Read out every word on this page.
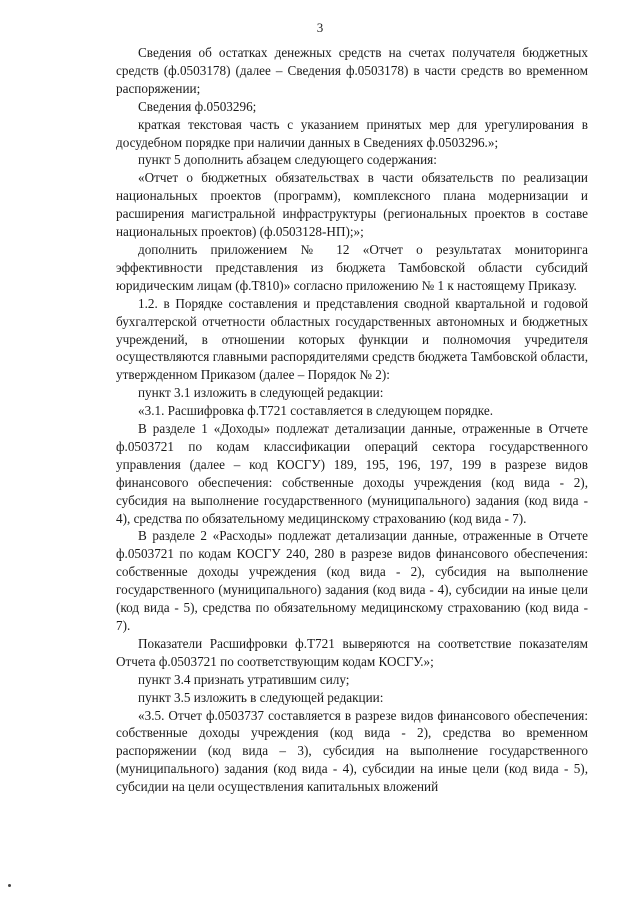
3

Сведения об остатках денежных средств на счетах получателя бюджетных средств (ф.0503178) (далее – Сведения ф.0503178) в части средств во временном распоряжении;

Сведения ф.0503296;

краткая текстовая часть с указанием принятых мер для урегулирования в досудебном порядке при наличии данных в Сведениях ф.0503296.»;

пункт 5 дополнить абзацем следующего содержания:

«Отчет о бюджетных обязательствах в части обязательств по реализации национальных проектов (программ), комплексного плана модернизации и расширения магистральной инфраструктуры (региональных проектов в составе национальных проектов) (ф.0503128-НП);»;

дополнить приложением № 12 «Отчет о результатах мониторинга эффективности представления из бюджета Тамбовской области субсидий юридическим лицам (ф.Т810)» согласно приложению № 1 к настоящему Приказу.

1.2. в Порядке составления и представления сводной квартальной и годовой бухгалтерской отчетности областных государственных автономных и бюджетных учреждений, в отношении которых функции и полномочия учредителя осуществляются главными распорядителями средств бюджета Тамбовской области, утвержденном Приказом (далее – Порядок № 2):

пункт 3.1 изложить в следующей редакции:

«3.1. Расшифровка ф.Т721 составляется в следующем порядке.

В разделе 1 «Доходы» подлежат детализации данные, отраженные в Отчете ф.0503721 по кодам классификации операций сектора государственного управления (далее – код КОСГУ) 189, 195, 196, 197, 199 в разрезе видов финансового обеспечения: собственные доходы учреждения (код вида - 2), субсидия на выполнение государственного (муниципального) задания (код вида - 4), средства по обязательному медицинскому страхованию (код вида - 7).

В разделе 2 «Расходы» подлежат детализации данные, отраженные в Отчете ф.0503721 по кодам КОСГУ 240, 280 в разрезе видов финансового обеспечения: собственные доходы учреждения (код вида - 2), субсидия на выполнение государственного (муниципального) задания (код вида - 4), субсидии на иные цели (код вида - 5), средства по обязательному медицинскому страхованию (код вида - 7).

Показатели Расшифровки ф.Т721 выверяются на соответствие показателям Отчета ф.0503721 по соответствующим кодам КОСГУ.»;

пункт 3.4 признать утратившим силу;

пункт 3.5 изложить в следующей редакции:

«3.5. Отчет ф.0503737 составляется в разрезе видов финансового обеспечения: собственные доходы учреждения (код вида - 2), средства во временном распоряжении (код вида – 3), субсидия на выполнение государственного (муниципального) задания (код вида - 4), субсидии на иные цели (код вида - 5), субсидии на цели осуществления капитальных вложений
